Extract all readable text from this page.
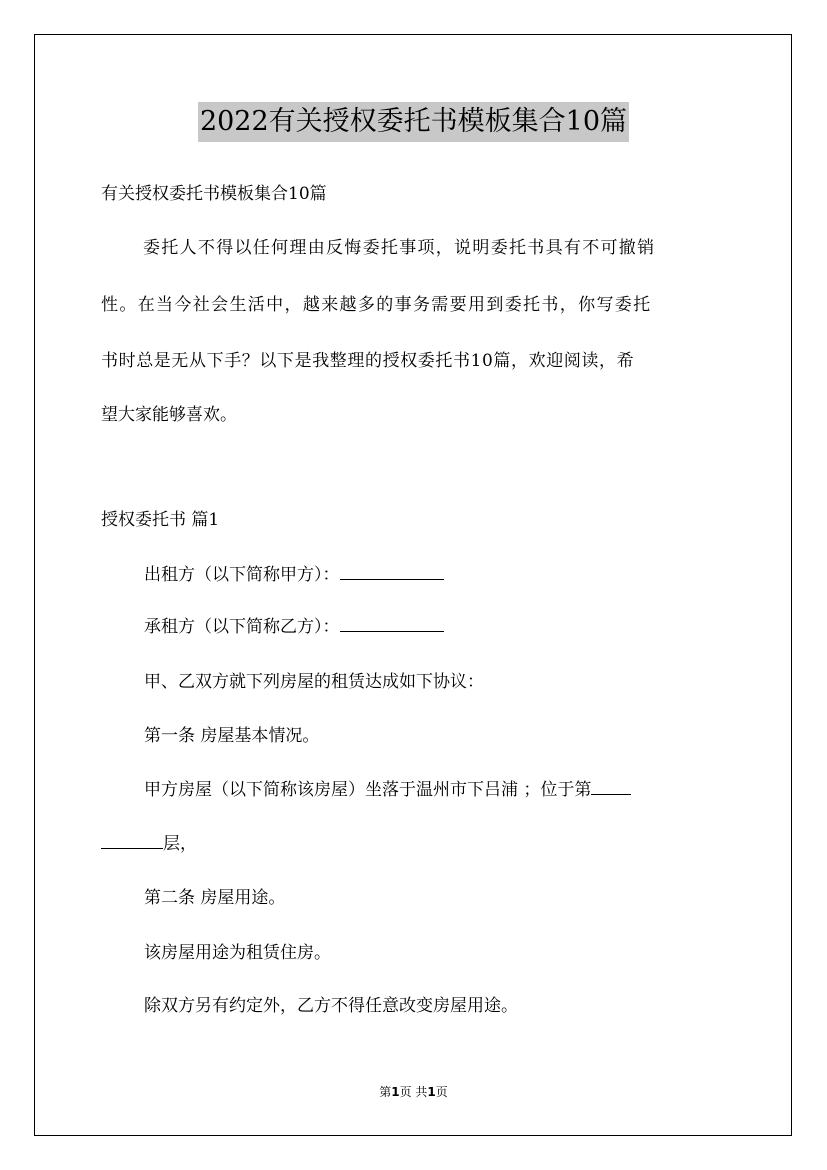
2022有关授权委托书模板集合10篇
有关授权委托书模板集合10篇
委托人不得以任何理由反悔委托事项，说明委托书具有不可撤销
性。在当今社会生活中，越来越多的事务需要用到委托书，你写委托
书时总是无从下手？以下是我整理的授权委托书10篇，欢迎阅读，希
望大家能够喜欢。
授权委托书 篇1
出租方（以下简称甲方）：
承租方（以下简称乙方）：
甲、乙双方就下列房屋的租赁达成如下协议：
第一条 房屋基本情况。
甲方房屋（以下简称该房屋）坐落于温州市下吕浦 ；位于第
层，
第二条 房屋用途。
该房屋用途为租赁住房。
除双方另有约定外，乙方不得任意改变房屋用途。
第1页 共1页
